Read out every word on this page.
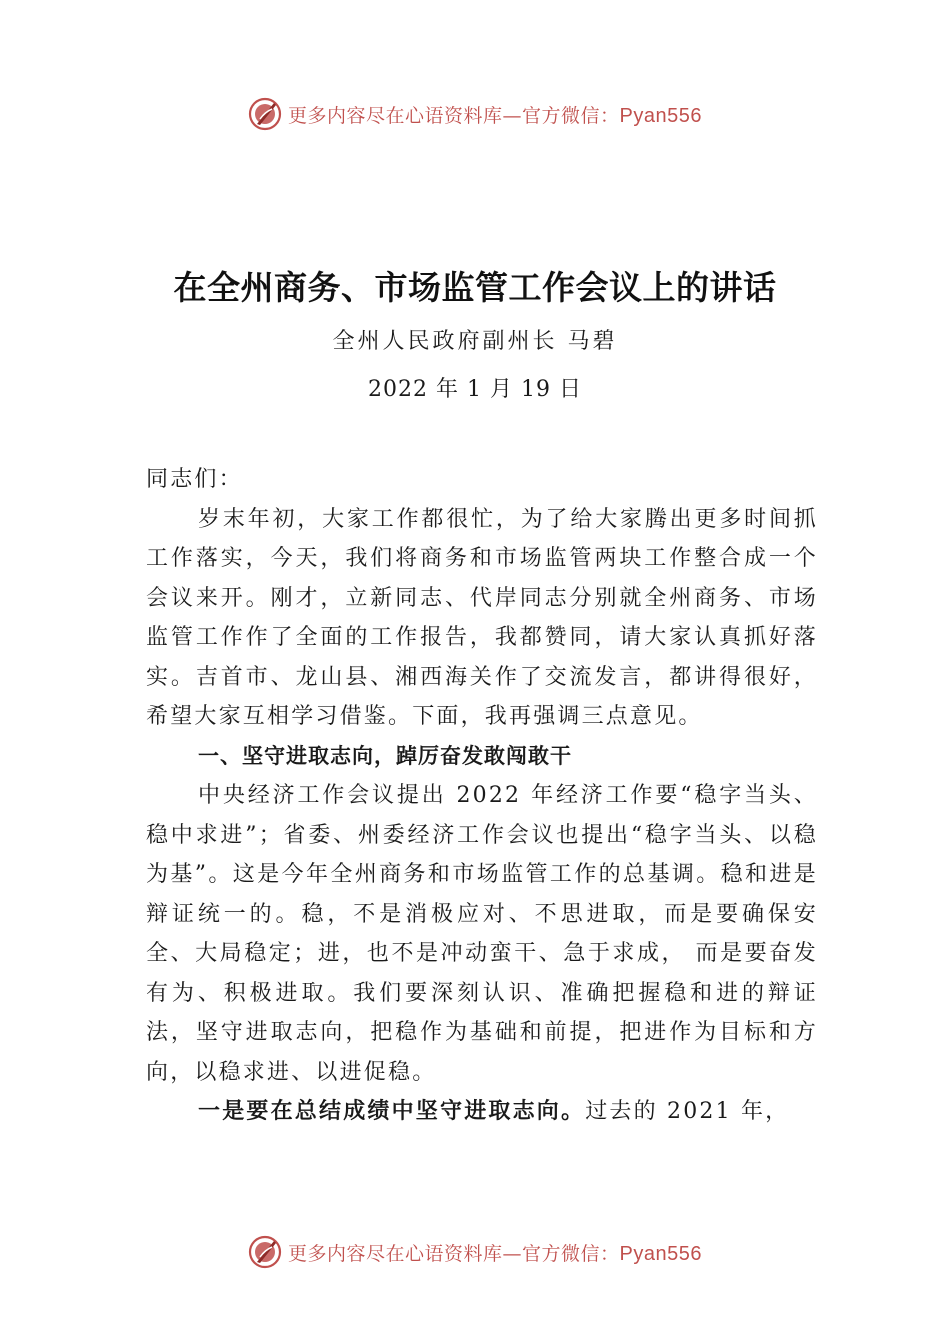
更多内容尽在心语资料库—官方微信：Pyan556
在全州商务、市场监管工作会议上的讲话
全州人民政府副州长 马碧
2022 年 1 月 19 日

同志们：

岁末年初，大家工作都很忙，为了给大家腾出更多时间抓工作落实，今天，我们将商务和市场监管两块工作整合成一个会议来开。刚才，立新同志、代岸同志分别就全州商务、市场监管工作作了全面的工作报告，我都赞同，请大家认真抓好落实。吉首市、龙山县、湘西海关作了交流发言，都讲得很好，希望大家互相学习借鉴。下面，我再强调三点意见。

一、坚守进取志向，踔厉奋发敢闯敢干

中央经济工作会议提出 2022 年经济工作要“稳字当头、稳中求进”；省委、州委经济工作会议也提出“稳字当头、以稳为基”。这是今年全州商务和市场监管工作的总基调。稳和进是辩证统一的。稳，不是消极应对、不思进取，而是要确保安全、大局稳定；进，也不是冲动蛮干、急于求成， 而是要奋发有为、积极进取。我们要深刻认识、准确把握稳和进的辩证法，坚守进取志向，把稳作为基础和前提，把进作为目标和方向，以稳求进、以进促稳。

一是要在总结成绩中坚守进取志向。过去的 2021 年，

更多内容尽在心语资料库—官方微信：Pyan556
